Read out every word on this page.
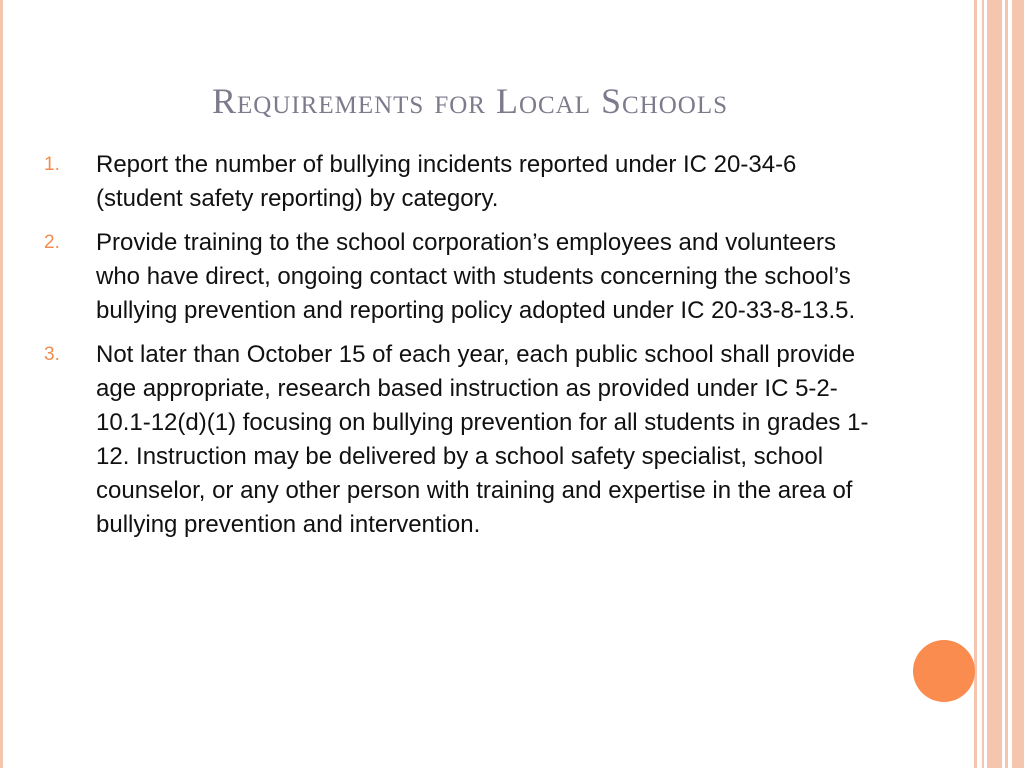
Requirements for Local Schools
1.	Report the number of bullying incidents reported under IC 20-34-6 (student safety reporting) by category.
2.	Provide training to the school corporation’s employees and volunteers who have direct, ongoing contact with students concerning the school’s bullying prevention and reporting policy adopted under IC 20-33-8-13.5.
3.	Not later than October 15 of each year, each public school shall provide age appropriate, research based instruction as provided under IC 5-2-10.1-12(d)(1) focusing on bullying prevention for all students in grades 1-12. Instruction may be delivered by a school safety specialist, school counselor, or any other person with training and expertise in the area of bullying prevention and intervention.
